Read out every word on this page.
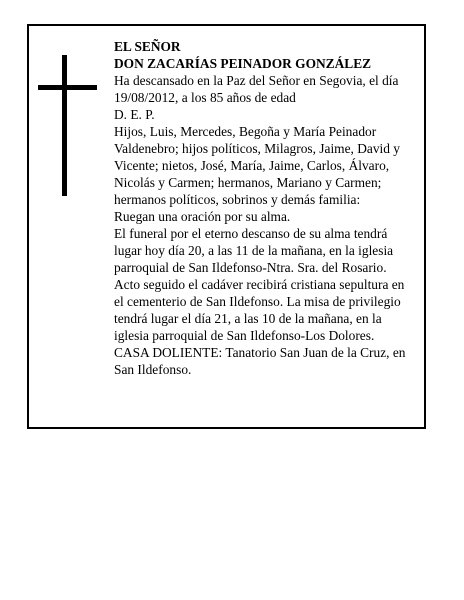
EL SEÑOR
DON ZACARÍAS PEINADOR GONZÁLEZ
Ha descansado en la Paz del Señor en Segovia, el día 19/08/2012, a los 85 años de edad
D. E. P.
Hijos, Luis, Mercedes, Begoña y María Peinador Valdenebro; hijos políticos, Milagros, Jaime, David y Vicente; nietos, José, María, Jaime, Carlos, Álvaro, Nicolás y Carmen; hermanos, Mariano y Carmen; hermanos políticos, sobrinos y demás familia:
Ruegan una oración por su alma.
El funeral por el eterno descanso de su alma tendrá lugar hoy día 20, a las 11 de la mañana, en la iglesia parroquial de San Ildefonso-Ntra. Sra. del Rosario.
Acto seguido el cadáver recibirá cristiana sepultura en el cementerio de San Ildefonso. La misa de privilegio tendrá lugar el día 21, a las 10 de la mañana, en la iglesia parroquial de San Ildefonso-Los Dolores.
CASA DOLIENTE: Tanatorio San Juan de la Cruz, en San Ildefonso.
